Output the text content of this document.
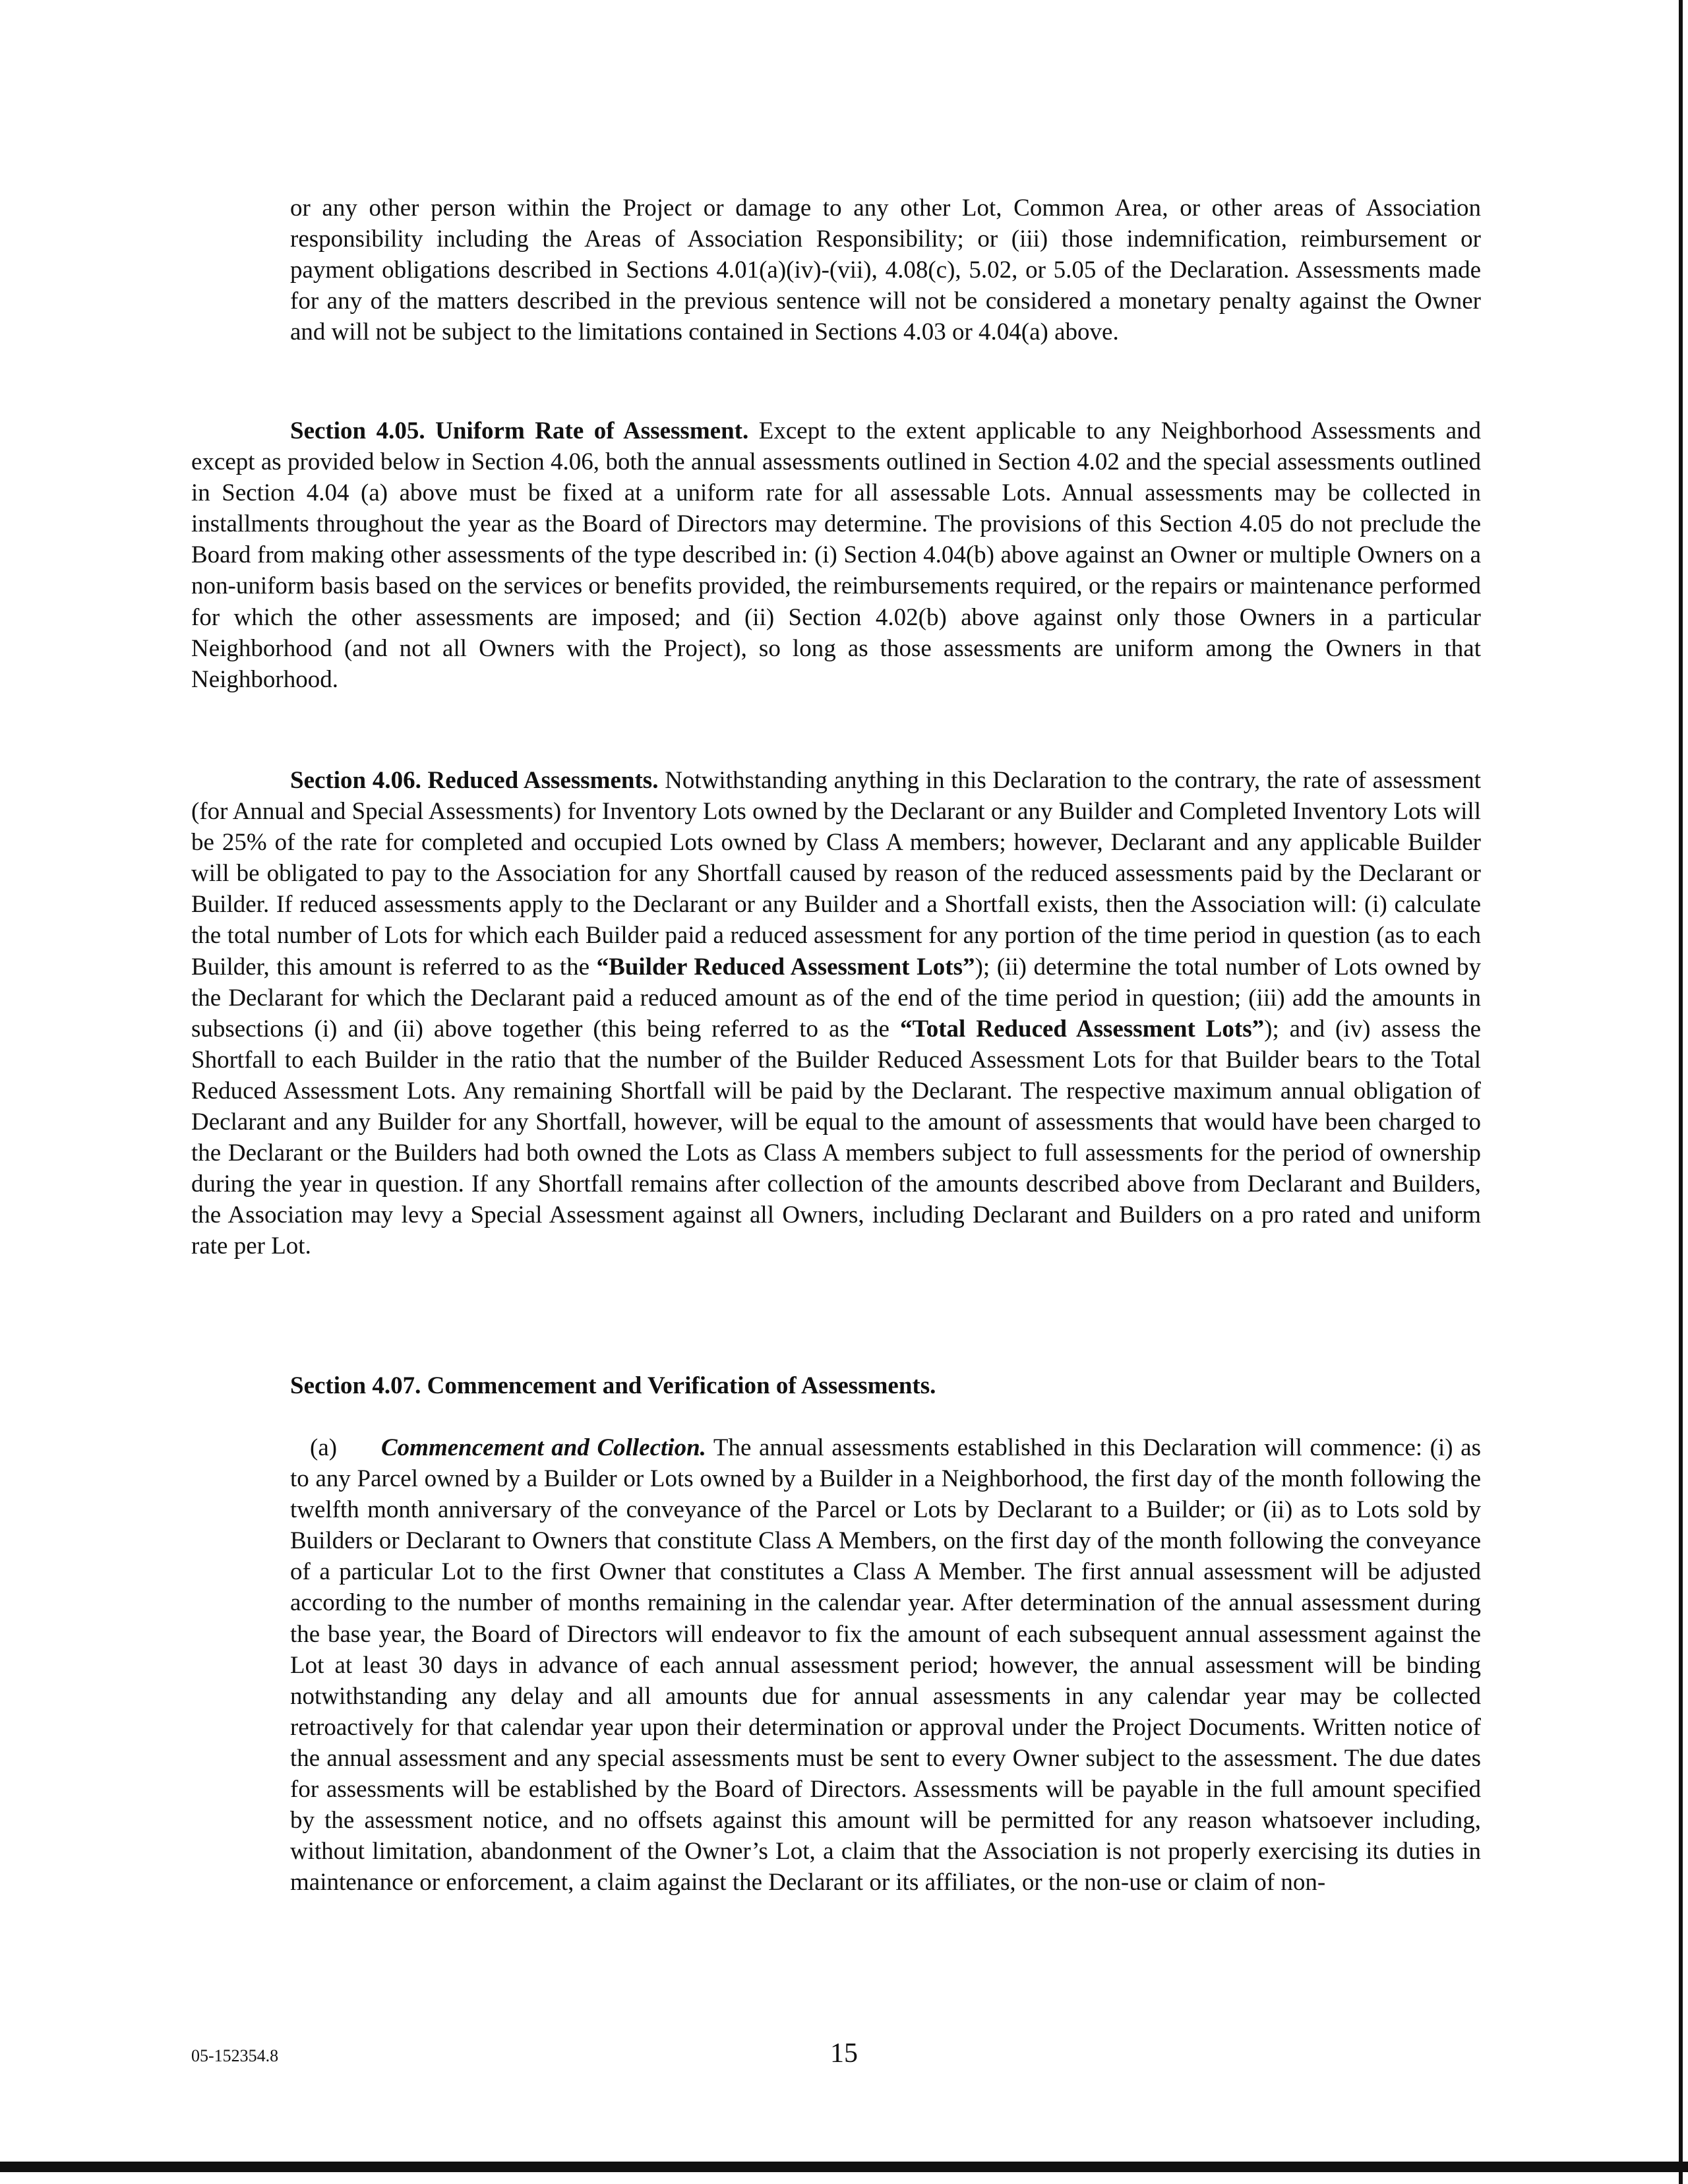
or any other person within the Project or damage to any other Lot, Common Area, or other areas of Association responsibility including the Areas of Association Responsibility; or (iii) those indemnification, reimbursement or payment obligations described in Sections 4.01(a)(iv)-(vii), 4.08(c), 5.02, or 5.05 of the Declaration. Assessments made for any of the matters described in the previous sentence will not be considered a monetary penalty against the Owner and will not be subject to the limitations contained in Sections 4.03 or 4.04(a) above.

Section 4.05. Uniform Rate of Assessment. Except to the extent applicable to any Neighborhood Assessments and except as provided below in Section 4.06, both the annual assessments outlined in Section 4.02 and the special assessments outlined in Section 4.04 (a) above must be fixed at a uniform rate for all assessable Lots. Annual assessments may be collected in installments throughout the year as the Board of Directors may determine. The provisions of this Section 4.05 do not preclude the Board from making other assessments of the type described in: (i) Section 4.04(b) above against an Owner or multiple Owners on a non-uniform basis based on the services or benefits provided, the reimbursements required, or the repairs or maintenance performed for which the other assessments are imposed; and (ii) Section 4.02(b) above against only those Owners in a particular Neighborhood (and not all Owners with the Project), so long as those assessments are uniform among the Owners in that Neighborhood.

Section 4.06. Reduced Assessments. Notwithstanding anything in this Declaration to the contrary, the rate of assessment (for Annual and Special Assessments) for Inventory Lots owned by the Declarant or any Builder and Completed Inventory Lots will be 25% of the rate for completed and occupied Lots owned by Class A members; however, Declarant and any applicable Builder will be obligated to pay to the Association for any Shortfall caused by reason of the reduced assessments paid by the Declarant or Builder. If reduced assessments apply to the Declarant or any Builder and a Shortfall exists, then the Association will: (i) calculate the total number of Lots for which each Builder paid a reduced assessment for any portion of the time period in question (as to each Builder, this amount is referred to as the “Builder Reduced Assessment Lots”); (ii) determine the total number of Lots owned by the Declarant for which the Declarant paid a reduced amount as of the end of the time period in question; (iii) add the amounts in subsections (i) and (ii) above together (this being referred to as the “Total Reduced Assessment Lots”); and (iv) assess the Shortfall to each Builder in the ratio that the number of the Builder Reduced Assessment Lots for that Builder bears to the Total Reduced Assessment Lots. Any remaining Shortfall will be paid by the Declarant. The respective maximum annual obligation of Declarant and any Builder for any Shortfall, however, will be equal to the amount of assessments that would have been charged to the Declarant or the Builders had both owned the Lots as Class A members subject to full assessments for the period of ownership during the year in question. If any Shortfall remains after collection of the amounts described above from Declarant and Builders, the Association may levy a Special Assessment against all Owners, including Declarant and Builders on a pro rated and uniform rate per Lot.

Section 4.07. Commencement and Verification of Assessments.

(a) Commencement and Collection. The annual assessments established in this Declaration will commence: (i) as to any Parcel owned by a Builder or Lots owned by a Builder in a Neighborhood, the first day of the month following the twelfth month anniversary of the conveyance of the Parcel or Lots by Declarant to a Builder; or (ii) as to Lots sold by Builders or Declarant to Owners that constitute Class A Members, on the first day of the month following the conveyance of a particular Lot to the first Owner that constitutes a Class A Member. The first annual assessment will be adjusted according to the number of months remaining in the calendar year. After determination of the annual assessment during the base year, the Board of Directors will endeavor to fix the amount of each subsequent annual assessment against the Lot at least 30 days in advance of each annual assessment period; however, the annual assessment will be binding notwithstanding any delay and all amounts due for annual assessments in any calendar year may be collected retroactively for that calendar year upon their determination or approval under the Project Documents. Written notice of the annual assessment and any special assessments must be sent to every Owner subject to the assessment. The due dates for assessments will be established by the Board of Directors. Assessments will be payable in the full amount specified by the assessment notice, and no offsets against this amount will be permitted for any reason whatsoever including, without limitation, abandonment of the Owner’s Lot, a claim that the Association is not properly exercising its duties in maintenance or enforcement, a claim against the Declarant or its affiliates, or the non-use or claim of non-

05-152354.8	15
